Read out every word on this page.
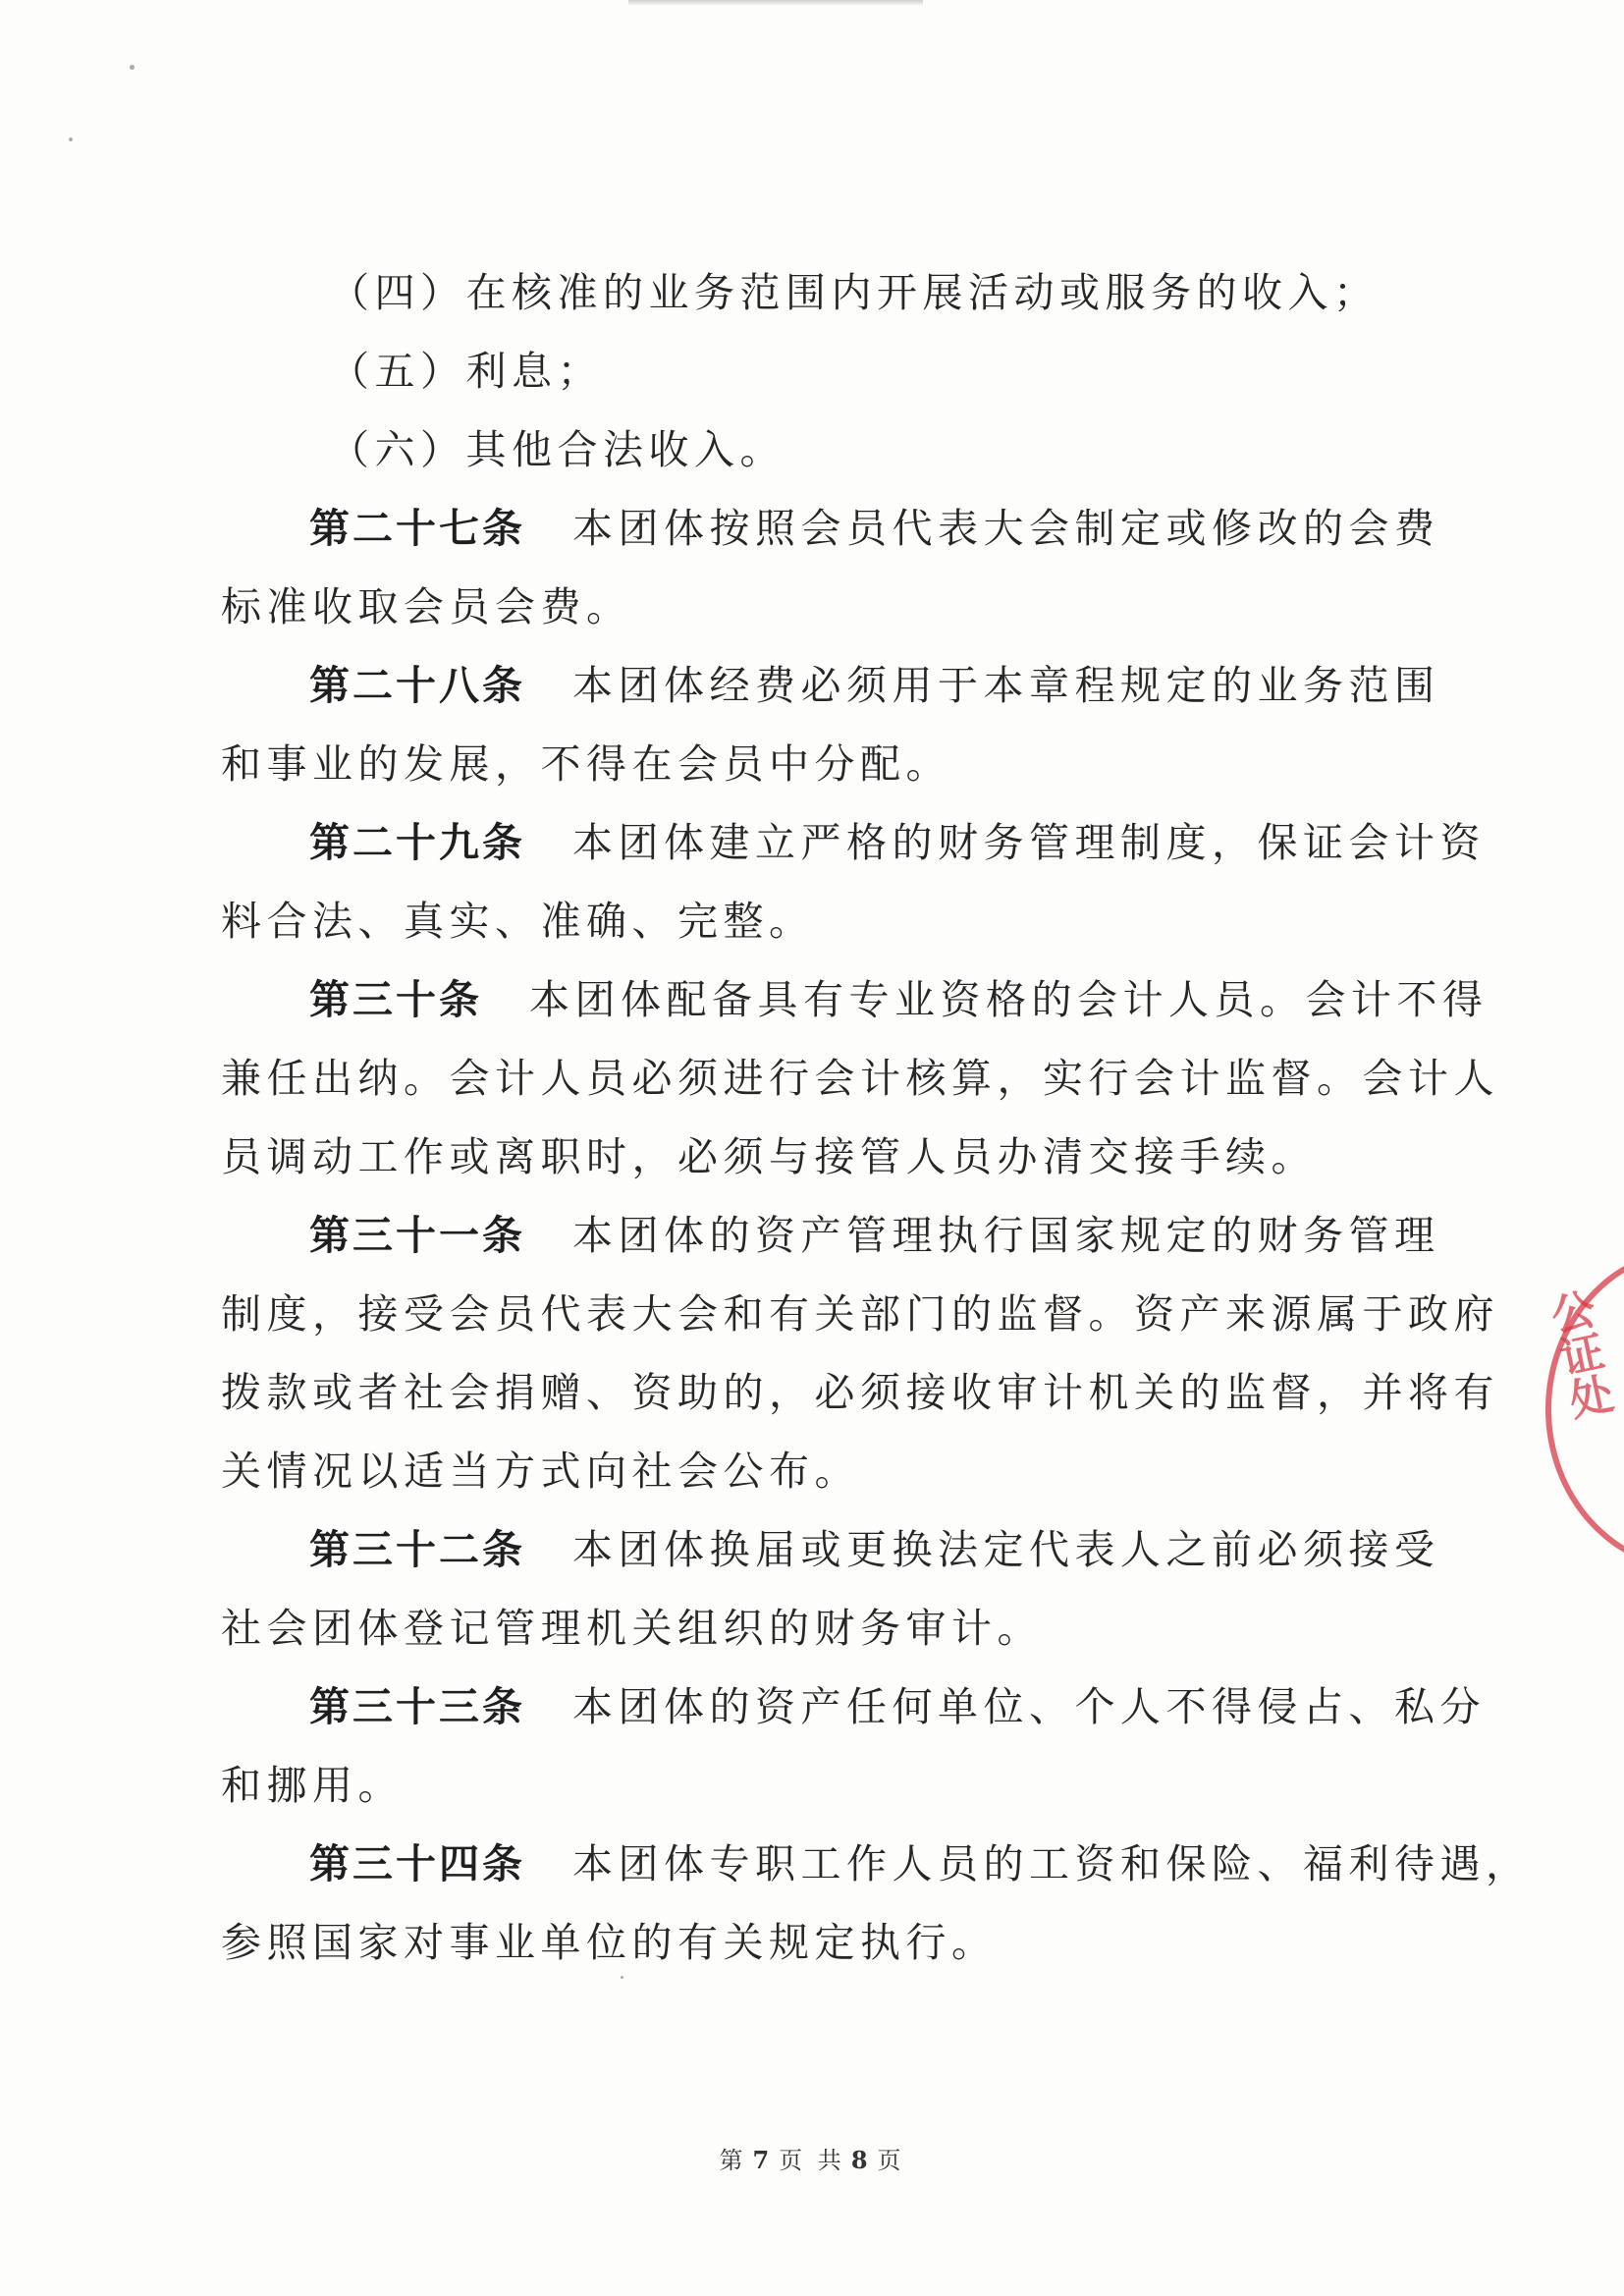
（四）在核准的业务范围内开展活动或服务的收入；
（五）利息；
（六）其他合法收入。
第二十七条 本团体按照会员代表大会制定或修改的会费
标准收取会员会费。
第二十八条 本团体经费必须用于本章程规定的业务范围
和事业的发展，不得在会员中分配。
第二十九条 本团体建立严格的财务管理制度，保证会计资
料合法、真实、准确、完整。
第三十条 本团体配备具有专业资格的会计人员。会计不得
兼任出纳。会计人员必须进行会计核算，实行会计监督。会计人
员调动工作或离职时，必须与接管人员办清交接手续。
第三十一条 本团体的资产管理执行国家规定的财务管理
制度，接受会员代表大会和有关部门的监督。资产来源属于政府
拨款或者社会捐赠、资助的，必须接收审计机关的监督，并将有
关情况以适当方式向社会公布。
第三十二条 本团体换届或更换法定代表人之前必须接受
社会团体登记管理机关组织的财务审计。
第三十三条 本团体的资产任何单位、个人不得侵占、私分
和挪用。
第三十四条 本团体专职工作人员的工资和保险、福利待遇，
参照国家对事业单位的有关规定执行。
公证处
第 7 页 共 8 页
